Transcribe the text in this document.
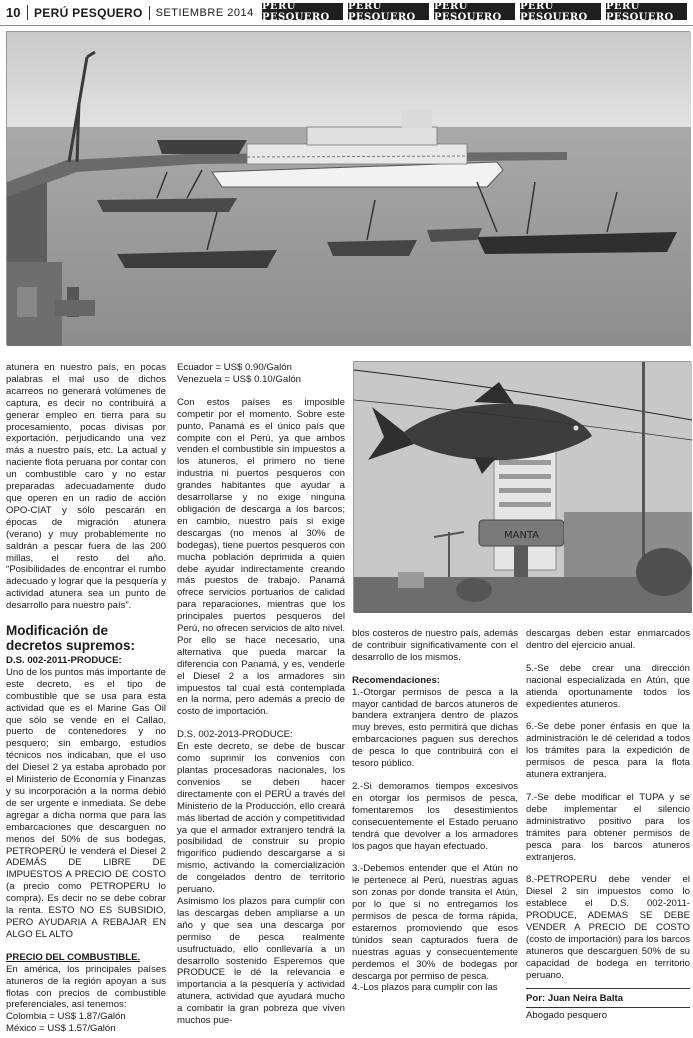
10	PERÚ PESQUERO	SETIEMBRE 2014
PERÚ PESQUERO
PERÚ PESQUERO
PERÚ PESQUERO
PERÚ PESQUERO
PERÚ PESQUERO
MANTA

atunera en nuestro país, en pocas palabras el mal uso de dichos acarreos no generará volúmenes de captura, es decir no contribuirá a generar empleo en tierra para su procesamiento, pocas divisas por exportación, perjudicando una vez más a nuestro país, etc. La actual y naciente flota peruana por contar con un combustible caro y no estar preparadas adecuadamente dudo que operen en un radio de acción OPO-CIAT y sólo pescarán en épocas de migración atunera (verano) y muy probablemente no saldrán a pescar fuera de las 200 millas, el resto del año. “Posibilidades de encontrar el rumbo adecuado y lograr que la pesquería y actividad atunera sea un punto de desarrollo para nuestro país”.

Modificación de decretos supremos:

D.S. 002-2011-PRODUCE:

Uno de los puntos más importante de este decreto, es el tipo de combustible que se usa para esta actividad que es el Marine Gas Oil que sólo se vende en el Callao, puerto de contenedores y no pesquero; sin embargo, estudios técnicos nos indicaban, que el uso del Diesel 2 ya estaba aprobado por el Ministerio de Economía y Finanzas y su incorporación a la norma debió de ser urgente e inmediata. Se debe agregar a dicha norma que para las embarcaciones que descarguen no menos del 50% de sus bodegas, PETROPERÚ le venderá el Diesel 2 ADEMÁS DE LIBRE DE IMPUESTOS A PRECIO DE COSTO (a precio como PETROPERU lo compra). Es decir no se debe cobrar la renta. ESTO NO ES SUBSIDIO, PERO AYUDARIA A REBAJAR EN ALGO EL ALTO

PRECIO DEL COMBUSTIBLE.

En américa, los principales países atuneros de la región apoyan a sus flotas con precios de combustible preferenciales, así tenemos:

Colombia = US$ 1.87/Galón
México = US$ 1.57/Galón
Ecuador = US$ 0.90/Galón
Venezuela = US$ 0.10/Galón

Con estos países es imposible competir por el momento. Sobre este punto, Panamá es el único país que compite con el Perú, ya que ambos venden el combustible sin impuestos a los atuneros, el primero no tiene industria ni puertos pesqueros con grandes habitantes que ayudar a desarrollarse y no exige ninguna obligación de descarga a los barcos; en cambio, nuestro país si exige descargas (no menos al 30% de bodegas), tiene puertos pesqueros con mucha población deprimida a quien debe ayudar indirectamente creando más puestos de trabajo. Panamá ofrece servicios portuarios de calidad para reparaciones, mientras que los principales puertos pesqueros del Perú, no ofrecen servicios de alto nivel. Por ello se hace necesario, una alternativa que pueda marcar la diferencia con Panamá, y es, venderle el Diesel 2 a los armadores sin impuestos tal cual está contemplada en la norma, pero además a precio de costo de importación.

D.S. 002-2013-PRODUCE:

En este decreto, se debe de buscar como suprimir los convenios con plantas procesadoras nacionales, los convenios se deben hacer directamente con el PERÚ a través del Ministerio de la Producción, ello creará más libertad de acción y competitividad ya que el armador extranjero tendrá la posibilidad de construir su propio frigorífico pudiendo descargarse a si mismo, activando la comercialización de congelados dentro de territorio peruano.

Asimismo los plazos para cumplir con las descargas deben ampliarse a un año y que sea una descarga por permiso de pesca realmente usufructuado, ello conllevaría a un desarrollo sostenido Esperemos que PRODUCE le dé la relevancia e importancia a la pesquería y actividad atunera, actividad que ayudará mucho a combatir la gran pobreza que viven muchos pue-

blos costeros de nuestro país, además de contribuir significativamente con el desarrollo de los mismos.

Recomendaciones:

1.-Otorgar permisos de pesca a la mayor cantidad de barcos atuneros de bandera extranjera dentro de plazos muy breves, esto permitirá que dichas embarcaciones paguen sus derechos de pesca lo que contribuirá con el tesoro público.

2.-Si demoramos tiempos excesivos en otorgar los permisos de pesca, fomentaremos los desestimientos consecuentemente el Estado peruano tendrá que devolver a los armadores los pagos que hayan efectuado.

3.-Debemos entender que el Atún no le pertenece al Perú, nuestras aguas son zonas por donde transita el Atún, por lo que si no entregamos los permisos de pesca de forma rápida, estaremos promoviendo que esos túnidos sean capturados fuera de nuestras aguas y consecuentemente perdemos el 30% de bodegas por descarga por permiso de pesca.

4.-Los plazos para cumplir con las

descargas deben estar enmarcados dentro del ejercicio anual.

5.-Se debe crear una dirección nacional especializada en Atún, que atienda oportunamente todos los expedientes atuneros.

6.-Se debe poner énfasis en que la administración le dé celeridad a todos los trámites para la expedición de permisos de pesca para la flota atunera extranjera.

7.-Se debe modificar el TUPA y se debe implementar el silencio administrativo positivo para los trámites para obtener permisos de pesca para los barcos atuneros extranjeros.

8.-PETROPERU debe vender el Diesel 2 sin impuestos como lo establece el D.S. 002-2011-PRODUCE, ADEMAS SE DEBE VENDER A PRECIO DE COSTO (costo de importación) para los barcos atuneros que descarguen 50% de su capacidad de bodega en territorio peruano.

Por: Juan Neira Balta
Abogado pesquero
